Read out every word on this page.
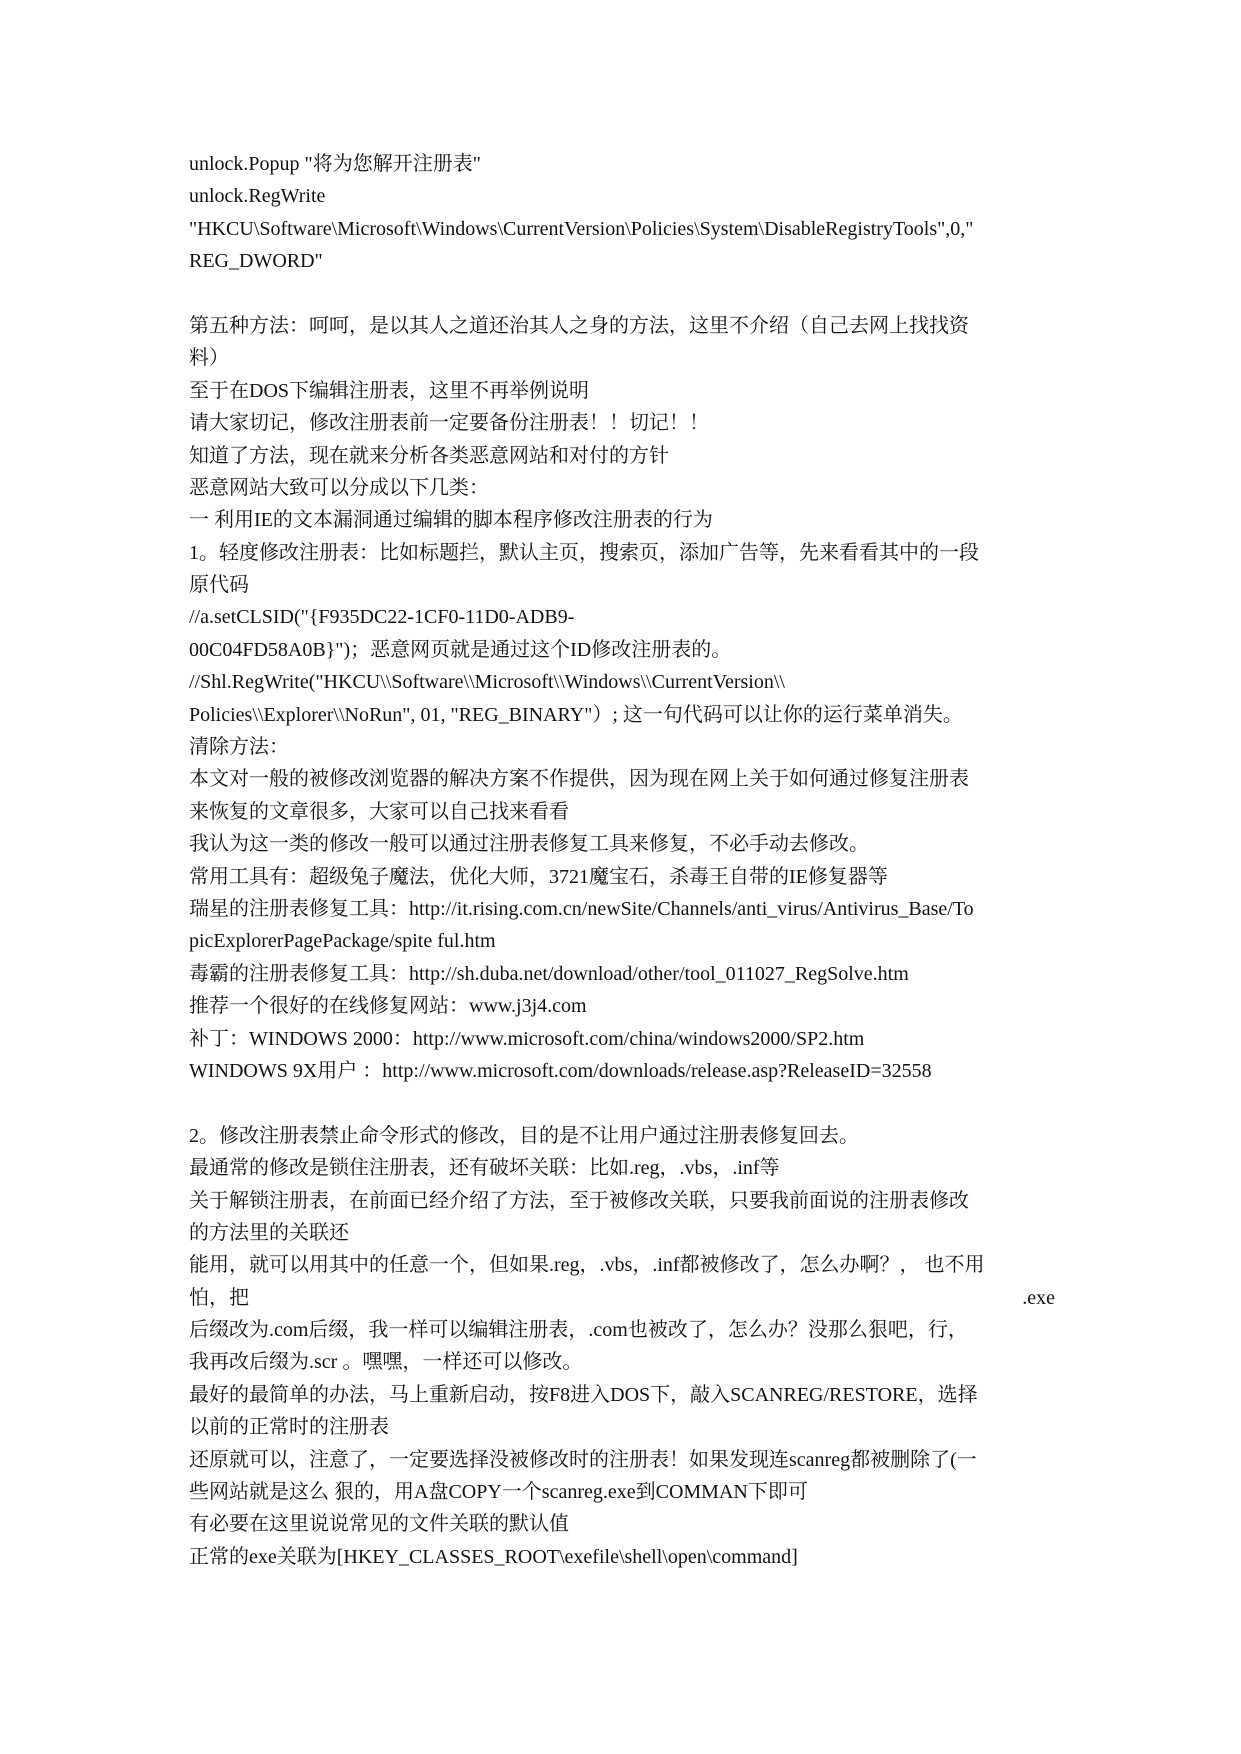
unlock.Popup "将为您解开注册表"

unlock.RegWrite

"HKCU\Software\Microsoft\Windows\CurrentVersion\Policies\System\DisableRegistryTools",0,"

REG_DWORD"

第五种方法：呵呵，是以其人之道还治其人之身的方法，这里不介绍（自己去网上找找资

料）

至于在DOS下编辑注册表，这里不再举例说明

请大家切记，修改注册表前一定要备份注册表！！切记！！

知道了方法，现在就来分析各类恶意网站和对付的方针

恶意网站大致可以分成以下几类：

一 利用IE的文本漏洞通过编辑的脚本程序修改注册表的行为

1。轻度修改注册表：比如标题拦，默认主页，搜索页，添加广告等，先来看看其中的一段

原代码

//a.setCLSID("{F935DC22-1CF0-11D0-ADB9-

00C04FD58A0B}")；恶意网页就是通过这个ID修改注册表的。

//Shl.RegWrite("HKCU\\Software\\Microsoft\\Windows\\CurrentVersion\\

Policies\\Explorer\\NoRun", 01, "REG_BINARY"）; 这一句代码可以让你的运行菜单消失。

清除方法：

本文对一般的被修改浏览器的解决方案不作提供，因为现在网上关于如何通过修复注册表

来恢复的文章很多，大家可以自己找来看看

我认为这一类的修改一般可以通过注册表修复工具来修复，不必手动去修改。

常用工具有：超级兔子魔法，优化大师，3721魔宝石，杀毒王自带的IE修复器等

瑞星的注册表修复工具：http://it.rising.com.cn/newSite/Channels/anti_virus/Antivirus_Base/To

picExplorerPagePackage/spite ful.htm

毒霸的注册表修复工具：http://sh.duba.net/download/other/tool_011027_RegSolve.htm

推荐一个很好的在线修复网站：www.j3j4.com

补丁：WINDOWS 2000：http://www.microsoft.com/china/windows2000/SP2.htm

WINDOWS 9X用户 ：http://www.microsoft.com/downloads/release.asp?ReleaseID=32558

2。修改注册表禁止命令形式的修改，目的是不让用户通过注册表修复回去。

最通常的修改是锁住注册表，还有破坏关联：比如.reg，.vbs，.inf等

关于解锁注册表，在前面已经介绍了方法，至于被修改关联，只要我前面说的注册表修改

的方法里的关联还

能用，就可以用其中的任意一个，但如果.reg，.vbs，.inf都被修改了，怎么办啊？， 也不用

怕，把	.exe

后缀改为.com后缀，我一样可以编辑注册表，.com也被改了，怎么办？没那么狠吧，行，

我再改后缀为.scr 。嘿嘿，一样还可以修改。

最好的最简单的办法，马上重新启动，按F8进入DOS下，敲入SCANREG/RESTORE，选择

以前的正常时的注册表

还原就可以，注意了，一定要选择没被修改时的注册表！如果发现连scanreg都被删除了(一

些网站就是这么 狠的，用A盘COPY一个scanreg.exe到COMMAN下即可

有必要在这里说说常见的文件关联的默认值

正常的exe关联为[HKEY_CLASSES_ROOT\exefile\shell\open\command]
